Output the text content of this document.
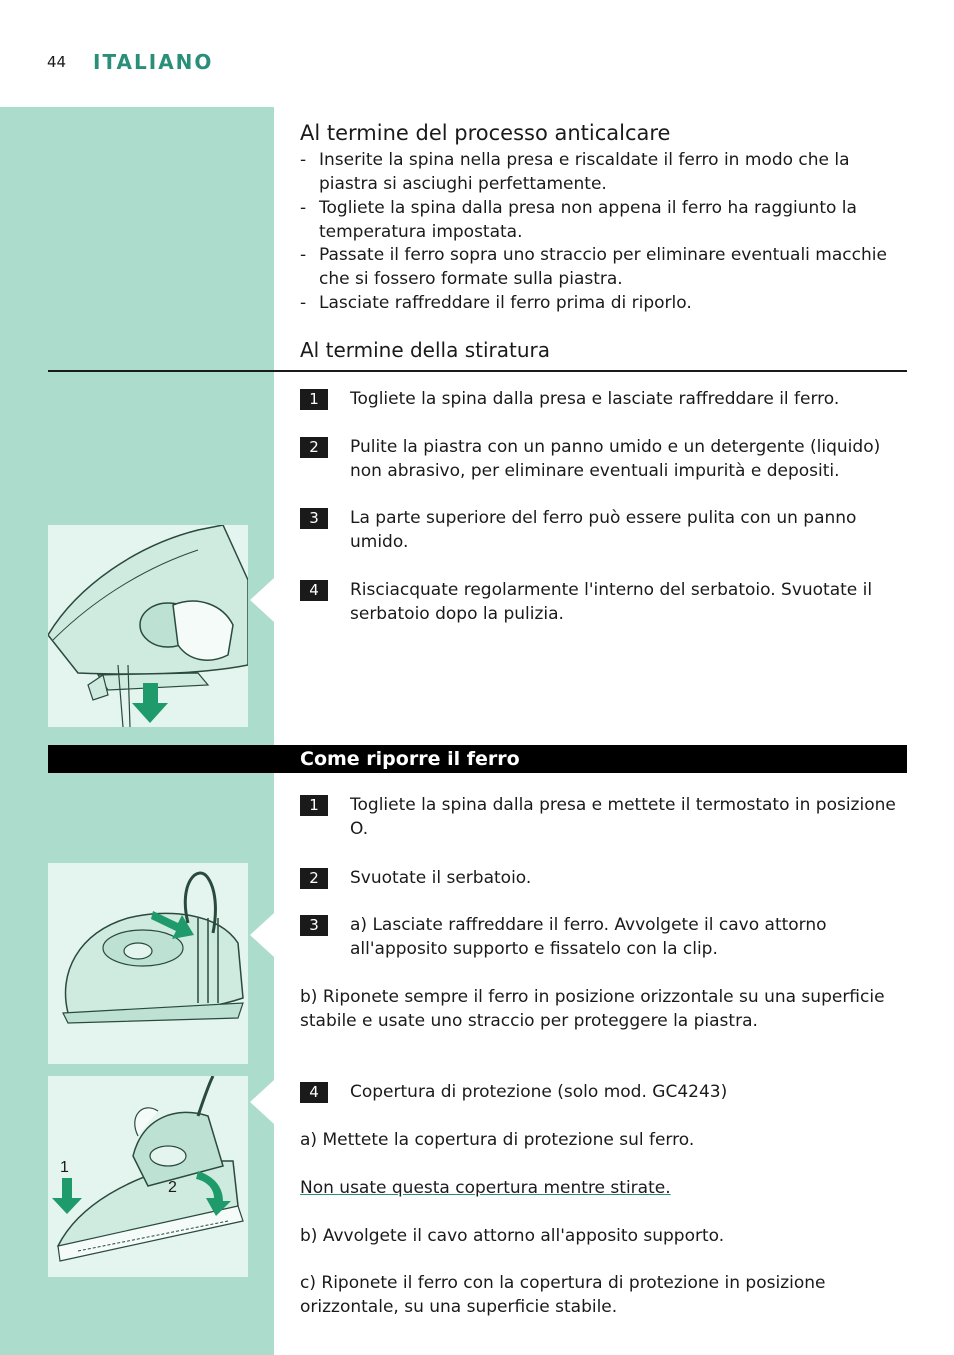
44 ITALIANO
Al termine del processo anticalcare
- Inserite la spina nella presa e riscaldate il ferro in modo che la piastra si asciughi perfettamente.
- Togliete la spina dalla presa non appena il ferro ha raggiunto la temperatura impostata.
- Passate il ferro sopra uno straccio per eliminare eventuali macchie che si fossero formate sulla piastra.
- Lasciate raffreddare il ferro prima di riporlo.
Al termine della stiratura
1	Togliete la spina dalla presa e lasciate raffreddare il ferro.
2	Pulite la piastra con un panno umido e un detergente (liquido) non abrasivo, per eliminare eventuali impurità e depositi.
3	La parte superiore del ferro può essere pulita con un panno umido.
4	Risciacquate regolarmente l'interno del serbatoio. Svuotate il serbatoio dopo la pulizia.
Come riporre il ferro
1	Togliete la spina dalla presa e mettete il termostato in posizione O.
2	Svuotate il serbatoio.
3	a) Lasciate raffreddare il ferro. Avvolgete il cavo attorno all'apposito supporto e fissatelo con la clip.
b) Riponete sempre il ferro in posizione orizzontale su una superficie stabile e usate uno straccio per proteggere la piastra.
4	Copertura di protezione (solo mod. GC4243)
a) Mettete la copertura di protezione sul ferro.
Non usate questa copertura mentre stirate.
b) Avvolgete il cavo attorno all'apposito supporto.
c) Riponete il ferro con la copertura di protezione in posizione orizzontale, su una superficie stabile.
1
2
